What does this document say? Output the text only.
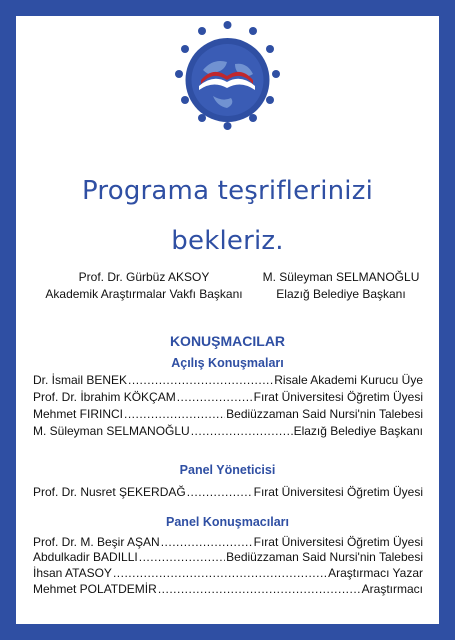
Programa teşriflerinizi
bekleriz.
Prof. Dr. Gürbüz AKSOY
Akademik Araştırmalar Vakfı Başkanı
M. Süleyman SELMANOĞLU
Elazığ Belediye Başkanı
KONUŞMACILAR
Açılış Konuşmaları
Dr. İsmail BENEK .....	Risale Akademi Kurucu Üye
Prof. Dr. İbrahim KÖKÇAM .....	Fırat Üniversitesi Öğretim Üyesi
Mehmet FIRINCI .....	Bediüzzaman Said Nursi'nin Talebesi
M. Süleyman SELMANOĞLU .....	Elazığ Belediye Başkanı
Panel Yöneticisi
Prof. Dr. Nusret ŞEKERDAĞ .....	Fırat Üniversitesi Öğretim Üyesi
Panel Konuşmacıları
Prof. Dr. M. Beşir AŞAN .....	Fırat Üniversitesi Öğretim Üyesi
Abdulkadir BADILLI .....	Bediüzzaman Said Nursi'nin Talebesi
İhsan ATASOY .....	Araştırmacı Yazar
Mehmet POLATDEMİR .....	Araştırmacı
